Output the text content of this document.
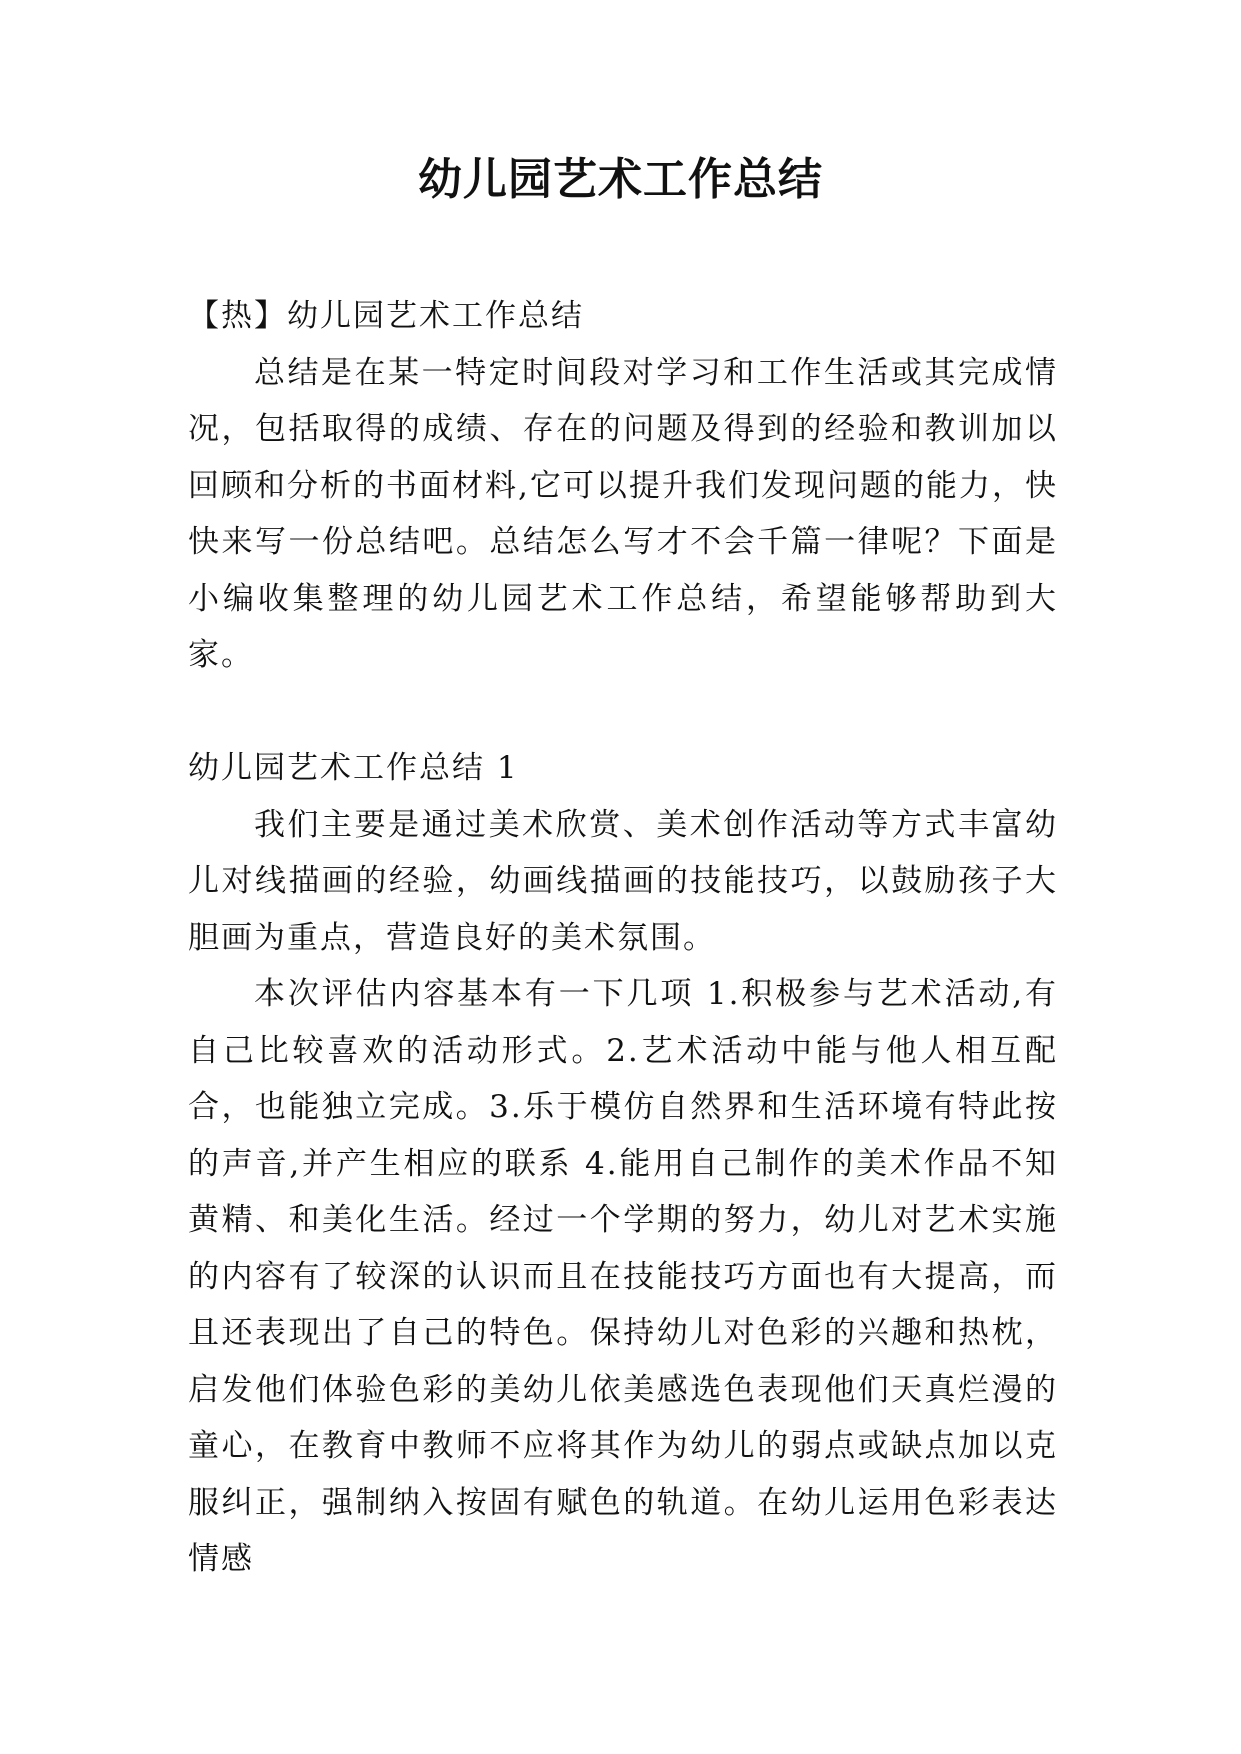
幼儿园艺术工作总结

【热】幼儿园艺术工作总结

总结是在某一特定时间段对学习和工作生活或其完成情况，包括取得的成绩、存在的问题及得到的经验和教训加以回顾和分析的书面材料,它可以提升我们发现问题的能力，快快来写一份总结吧。总结怎么写才不会千篇一律呢？下面是小编收集整理的幼儿园艺术工作总结，希望能够帮助到大家。

幼儿园艺术工作总结 1

我们主要是通过美术欣赏、美术创作活动等方式丰富幼儿对线描画的经验，幼画线描画的技能技巧，以鼓励孩子大胆画为重点，营造良好的美术氛围。

本次评估内容基本有一下几项 1.积极参与艺术活动,有自己比较喜欢的活动形式。2.艺术活动中能与他人相互配合，也能独立完成。3.乐于模仿自然界和生活环境有特此按的声音,并产生相应的联系 4.能用自己制作的美术作品不知黄精、和美化生活。经过一个学期的努力，幼儿对艺术实施的内容有了较深的认识而且在技能技巧方面也有大提高，而且还表现出了自己的特色。保持幼儿对色彩的兴趣和热枕，启发他们体验色彩的美幼儿依美感选色表现他们天真烂漫的童心，在教育中教师不应将其作为幼儿的弱点或缺点加以克服纠正，强制纳入按固有赋色的轨道。在幼儿运用色彩表达情感
